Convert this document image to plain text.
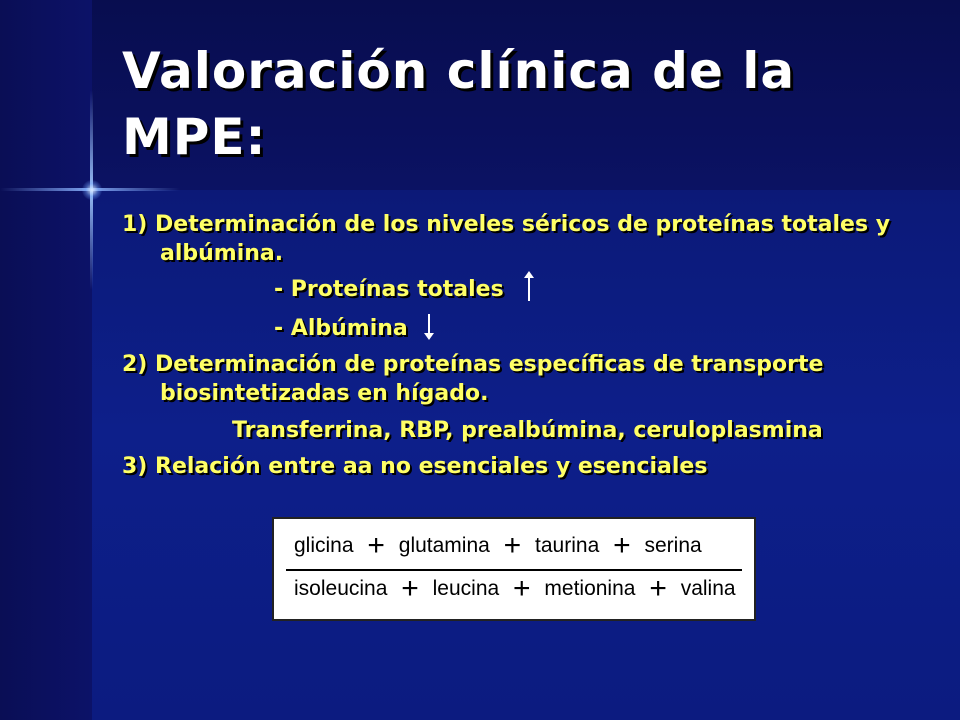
Valoración clínica de la MPE:

1) Determinación de los niveles séricos de proteínas totales y albúmina.

- Proteínas totales

- Albúmina

2) Determinación de proteínas específicas de transporte biosintetizadas en hígado.

Transferrina, RBP, prealbúmina, ceruloplasmina

3) Relación entre aa no esenciales y esenciales

glicina + glutamina + taurina + serina
isoleucina + leucina + metionina + valina
